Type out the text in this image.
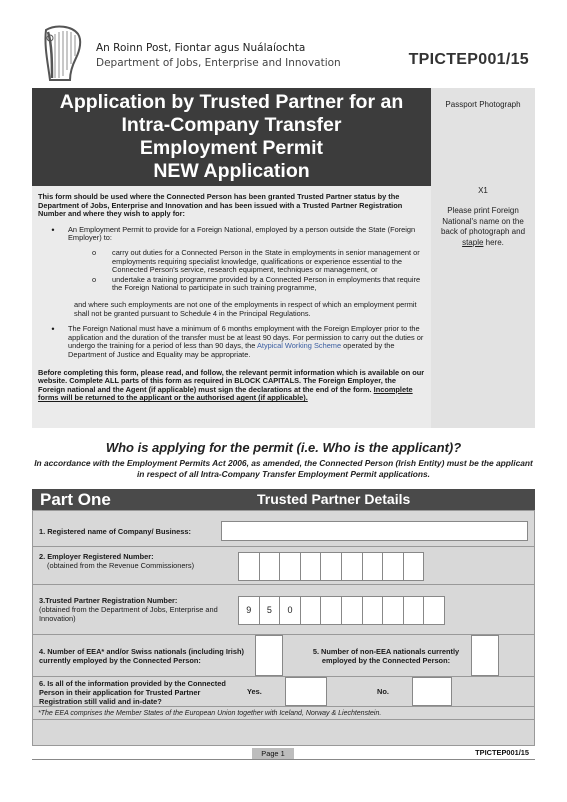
An Roinn Post, Fiontar agus Nuálaíochta
Department of Jobs, Enterprise and Innovation	TPICTEP001/15
Application by Trusted Partner for an
Intra-Company Transfer
Employment Permit
NEW Application

This form should be used where the Connected Person has been granted Trusted Partner status by the Department of Jobs, Enterprise and Innovation and has been issued with a Trusted Partner Registration Number and where they wish to apply for:

•	An Employment Permit to provide for a Foreign National, employed by a person outside the State (Foreign Employer) to:
o	carry out duties for a Connected Person in the State in employments in senior management or employments requiring specialist knowledge, qualifications or experience essential to the Connected Person's service, research equipment, techniques or management, or
o	undertake a training programme provided by a Connected Person in employments that require the Foreign National to participate in such training programme,

and where such employments are not one of the employments in respect of which an employment permit shall not be granted pursuant to Schedule 4 in the Principal Regulations.

•	The Foreign National must have a minimum of 6 months employment with the Foreign Employer prior to the application and the duration of the transfer must be at least 90 days. For permission to carry out the duties or undergo the training for a period of less than 90 days, the Atypical Working Scheme operated by the Department of Justice and Equality may be appropriate.

Before completing this form, please read, and follow, the relevant permit information which is available on our website. Complete ALL parts of this form as required in BLOCK CAPITALS. The Foreign Employer, the Foreign national and the Agent (if applicable) must sign the declarations at the end of the form. Incomplete forms will be returned to the applicant or the authorised agent (if applicable).

Passport Photograph
X1
Please print Foreign National's name on the back of photograph and staple here.
Who is applying for the permit (i.e. Who is the applicant)?
In accordance with the Employment Permits Act 2006, as amended, the Connected Person (Irish Entity) must be the applicant in respect of all Intra-Company Transfer Employment Permit applications.
Part One	Trusted Partner Details
1. Registered name of Company/ Business:
2. Employer Registered Number:
(obtained from the Revenue Commissioners)
3.Trusted Partner Registration Number:
(obtained from the Department of Jobs, Enterprise and Innovation)
9	5	0
4. Number of EEA* and/or Swiss nationals (including Irish) currently employed by the Connected Person:
5. Number of non-EEA nationals currently employed by the Connected Person:
6. Is all of the information provided by the Connected Person in their application for Trusted Partner Registration still valid and in-date?
Yes.	No.
*The EEA comprises the Member States of the European Union together with Iceland, Norway & Liechtenstein.
Page 1	TPICTEP001/15
